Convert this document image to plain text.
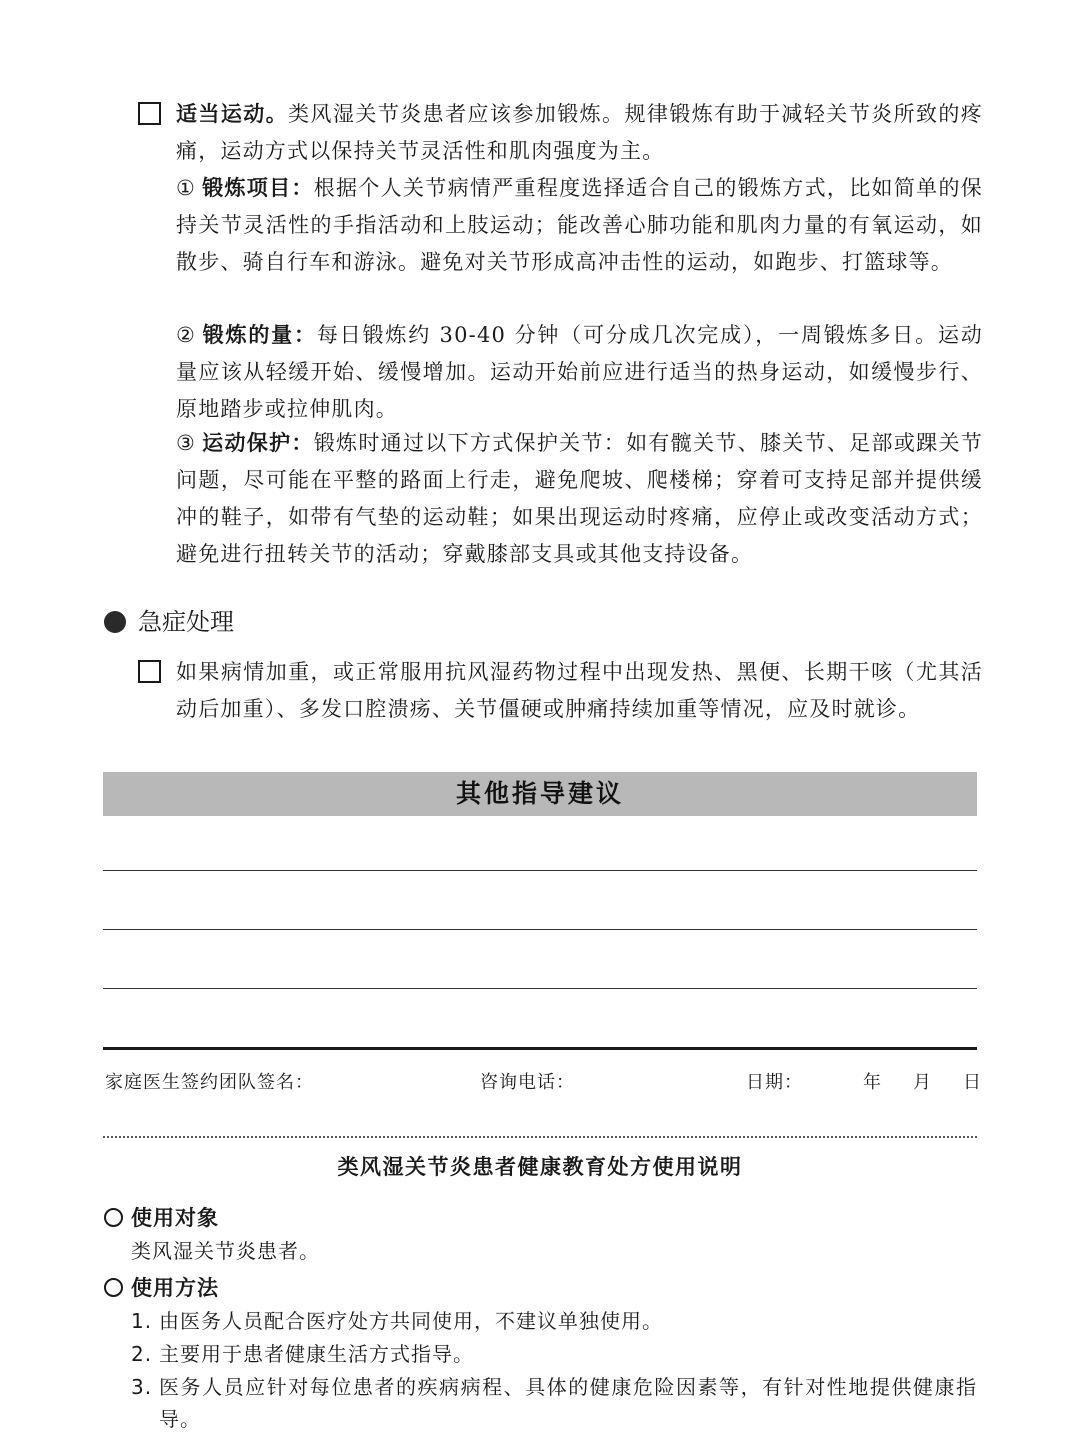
适当运动。类风湿关节炎患者应该参加锻炼。规律锻炼有助于减轻关节炎所致的疼痛，运动方式以保持关节灵活性和肌肉强度为主。
① 锻炼项目：根据个人关节病情严重程度选择适合自己的锻炼方式，比如简单的保持关节灵活性的手指活动和上肢运动；能改善心肺功能和肌肉力量的有氧运动，如散步、骑自行车和游泳。避免对关节形成高冲击性的运动，如跑步、打篮球等。
② 锻炼的量：每日锻炼约 30-40 分钟（可分成几次完成），一周锻炼多日。运动量应该从轻缓开始、缓慢增加。运动开始前应进行适当的热身运动，如缓慢步行、原地踏步或拉伸肌肉。
③ 运动保护：锻炼时通过以下方式保护关节：如有髋关节、膝关节、足部或踝关节问题，尽可能在平整的路面上行走，避免爬坡、爬楼梯；穿着可支持足部并提供缓冲的鞋子，如带有气垫的运动鞋；如果出现运动时疼痛，应停止或改变活动方式；避免进行扭转关节的活动；穿戴膝部支具或其他支持设备。
急症处理
如果病情加重，或正常服用抗风湿药物过程中出现发热、黑便、长期干咳（尤其活动后加重）、多发口腔溃疡、关节僵硬或肿痛持续加重等情况，应及时就诊。
其他指导建议
家庭医生签约团队签名：	咨询电话：	日期：	年 月 日
类风湿关节炎患者健康教育处方使用说明
使用对象
类风湿关节炎患者。
使用方法
1. 由医务人员配合医疗处方共同使用，不建议单独使用。
2. 主要用于患者健康生活方式指导。
3. 医务人员应针对每位患者的疾病病程、具体的健康危险因素等，有针对性地提供健康指导。
